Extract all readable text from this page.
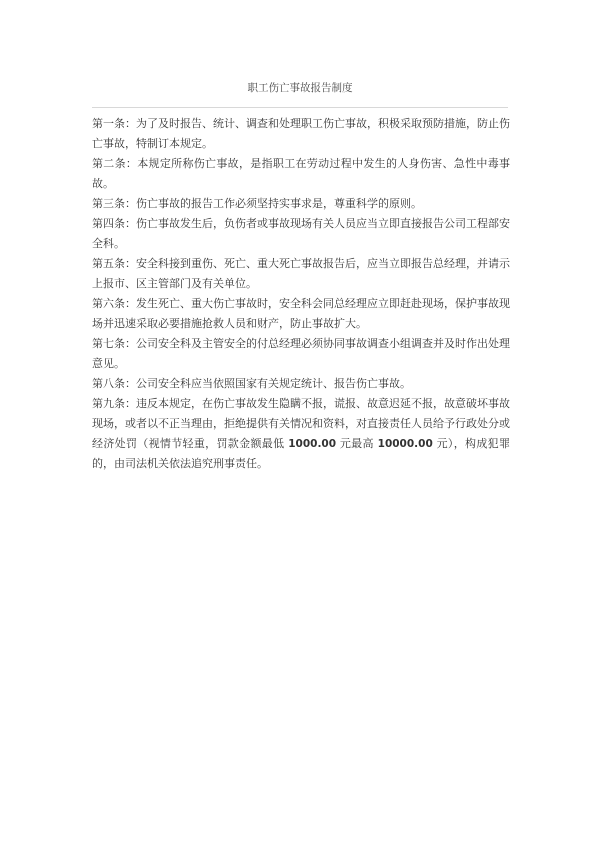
职工伤亡事故报告制度

第一条：为了及时报告、统计、调查和处理职工伤亡事故，积极采取预防措施，防止伤亡事故，特制订本规定。

第二条：本规定所称伤亡事故，是指职工在劳动过程中发生的人身伤害、急性中毒事故。

第三条：伤亡事故的报告工作必须坚持实事求是，尊重科学的原则。

第四条：伤亡事故发生后，负伤者或事故现场有关人员应当立即直接报告公司工程部安全科。

第五条：安全科接到重伤、死亡、重大死亡事故报告后，应当立即报告总经理，并请示上报市、区主管部门及有关单位。

第六条：发生死亡、重大伤亡事故时，安全科会同总经理应立即赶赴现场，保护事故现场并迅速采取必要措施抢救人员和财产，防止事故扩大。

第七条：公司安全科及主管安全的付总经理必须协同事故调查小组调查并及时作出处理意见。

第八条：公司安全科应当依照国家有关规定统计、报告伤亡事故。

第九条：违反本规定，在伤亡事故发生隐瞒不报，谎报、故意迟延不报，故意破坏事故现场，或者以不正当理由，拒绝提供有关情况和资料，对直接责任人员给予行政处分或经济处罚（视情节轻重，罚款金额最低 1000.00 元最高 10000.00 元），构成犯罪的，由司法机关依法追究刑事责任。
